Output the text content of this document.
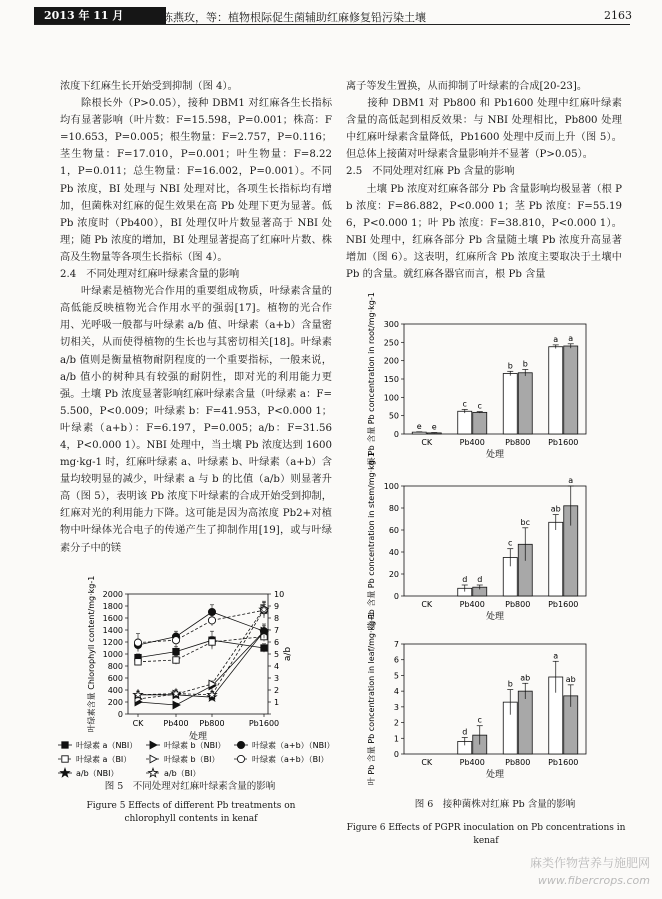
2013 年 11 月	陈燕玫，等：植物根际促生菌辅助红麻修复铅污染土壤	2163

浓度下红麻生长开始受到抑制（图 4）。

　　除根长外（P>0.05），接种 DBM1 对红麻各生长指标均有显著影响（叶片数：F=15.598，P=0.001；株高：F=10.653，P=0.005；根生物量：F=2.757，P=0.116；茎生物量：F=17.010，P=0.001；叶生物量：F=8.221，P=0.011；总生物量：F=16.002，P=0.001）。不同 Pb 浓度，BI 处理与 NBI 处理对比，各项生长指标均有增加，但菌株对红麻的促生效果在高 Pb 处理下更为显著。低 Pb 浓度时（Pb400），BI 处理仅叶片数显著高于 NBI 处理；随 Pb 浓度的增加，BI 处理显著提高了红麻叶片数、株高及生物量等各项生长指标（图 4）。

2.4　不同处理对红麻叶绿素含量的影响

　　叶绿素是植物光合作用的重要组成物质，叶绿素含量的高低能反映植物光合作用水平的强弱[17]。植物的光合作用、光呼吸一般都与叶绿素 a/b 值、叶绿素（a+b）含量密切相关，从而使得植物的生长也与其密切相关[18]。叶绿素 a/b 值则是衡量植物耐阴程度的一个重要指标，一般来说，a/b 值小的树种具有较强的耐阴性，即对光的利用能力更强。土壤 Pb 浓度显著影响红麻叶绿素含量（叶绿素 a：F=5.500，P<0.009；叶绿素 b：F=41.953，P<0.000 1；叶绿素（a+b）：F=6.197，P=0.005；a/b：F=31.564，P<0.000 1）。NBI 处理中，当土壤 Pb 浓度达到 1600 mg·kg-1 时，红麻叶绿素 a、叶绿素 b、叶绿素（a+b）含量均较明显的减少，叶绿素 a 与 b 的比值（a/b）则显著升高（图 5），表明该 Pb 浓度下叶绿素的合成开始受到抑制，红麻对光的利用能力下降。这可能是因为高浓度 Pb2+对植物中叶绿体光合电子的传递产生了抑制作用[19]，或与叶绿素分子中的镁

离子等发生置换，从而抑制了叶绿素的合成[20-23]。

　　接种 DBM1 对 Pb800 和 Pb1600 处理中红麻叶绿素含量的高低起到相反效果：与 NBI 处理相比，Pb800 处理中红麻叶绿素含量降低，Pb1600 处理中反而上升（图 5）。但总体上接菌对叶绿素含量影响并不显著（P>0.05）。

2.5　不同处理对红麻 Pb 含量的影响

　　土壤 Pb 浓度对红麻各部分 Pb 含量影响均极显著（根 Pb 浓度：F=86.882，P<0.000 1；茎 Pb 浓度：F=55.196，P<0.000 1；叶 Pb 浓度：F=38.810，P<0.000 1）。NBI 处理中，红麻各部分 Pb 含量随土壤 Pb 浓度升高显著增加（图 6）。这表明，红麻所含 Pb 浓度主要取决于土壤中 Pb 的含量。就红麻各器官而言，根 Pb 含量

0
200
400
600
800
1000
1200
1400
1600
1800
2000
1
2
3
4
5
6
7
8
9
10
CK Pb400 Pb800	Pb1600
处理
叶绿素含量 Chlorophyll content/mg·kg-1	a/b
叶绿素 a（NBI）	叶绿素 b（NBI）	叶绿素（a+b）（NBI）
叶绿素 a（BI）	叶绿素 b（BI）	叶绿素（a+b）（BI）
a/b（NBI）	a/b（BI）
图 5　不同处理对红麻叶绿素含量的影响
Figure 5 Effects of different Pb treatments on chlorophyll contents in kenaf
0
50
100
150
200
250
300
CK
e e
Pb400
c c
Pb800
b b
Pb1600
a a
处理
根 Pb 含量 Pb concentration in root/mg·kg-1
0
20
40
60
80
100
CK	Pb400
d d
Pb800
c
bc
Pb1600
ab
a
处理
茎 Pb 含量 Pb concentration in stem/mg·kg-1
0
1
2
3
4
5
6
7
CK	Pb400
d
c
Pb800
b
ab
Pb1600
a
ab
处理
叶 Pb 含量 Pb concentration in leaf/mg·kg-1
图 6　接种菌株对红麻 Pb 含量的影响
Figure 6 Effects of PGPR inoculation on Pb concentrations in kenaf
麻类作物营养与施肥网
www.fibercrops.com
